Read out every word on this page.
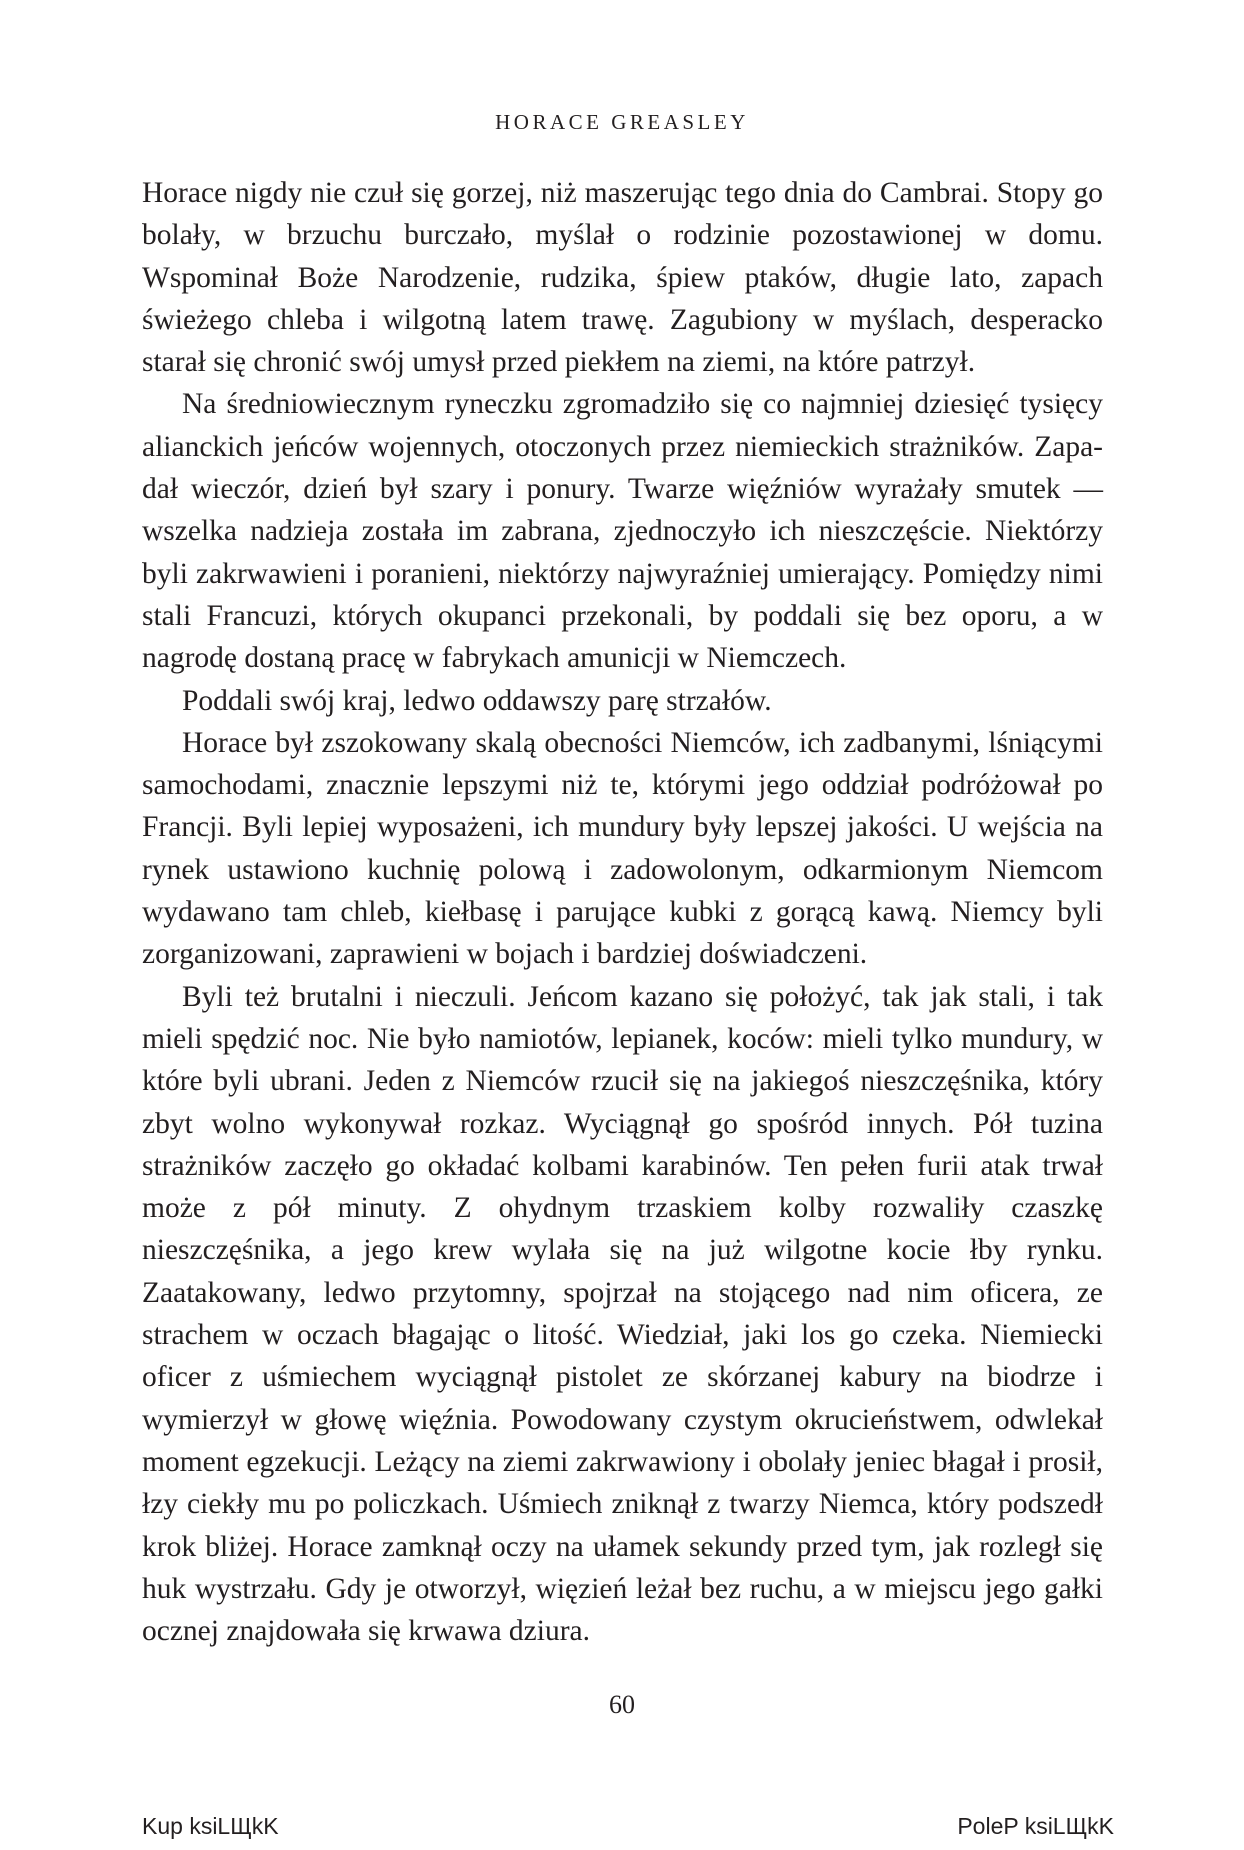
HORACE GREASLEY

Horace nigdy nie czuł się gorzej, niż maszerując tego dnia do Cambrai. Stopy go bolały, w brzuchu burczało, myślał o rodzinie pozostawionej w domu. Wspominał Boże Narodzenie, rudzika, śpiew ptaków, długie lato, zapach świeżego chleba i wilgotną latem trawę. Zagubiony w myślach, desperacko starał się chronić swój umysł przed piekłem na ziemi, na które patrzył.

Na średniowiecznym ryneczku zgromadziło się co najmniej dziesięć tysięcy alianckich jeńców wojennych, otoczonych przez niemieckich strażników. Zapadał wieczór, dzień był szary i ponury. Twarze więźniów wyrażały smutek — wszelka nadzieja została im zabrana, zjednoczyło ich nieszczęście. Niektórzy byli zakrwawieni i poranieni, niektórzy najwyraźniej umierający. Pomiędzy nimi stali Francuzi, których okupanci przekonali, by poddali się bez oporu, a w nagrodę dostaną pracę w fabrykach amunicji w Niemczech.

Poddali swój kraj, ledwo oddawszy parę strzałów.

Horace był zszokowany skalą obecności Niemców, ich zadbanymi, lśniącymi samochodami, znacznie lepszymi niż te, którymi jego oddział podróżował po Francji. Byli lepiej wyposażeni, ich mundury były lepszej jakości. U wejścia na rynek ustawiono kuchnię polową i zadowolonym, odkarmionym Niemcom wydawano tam chleb, kiełbasę i parujące kubki z gorącą kawą. Niemcy byli zorganizowani, zaprawieni w bojach i bardziej doświadczeni.

Byli też brutalni i nieczuli. Jeńcom kazano się położyć, tak jak stali, i tak mieli spędzić noc. Nie było namiotów, lepianek, koców: mieli tylko mundury, w które byli ubrani. Jeden z Niemców rzucił się na jakiegoś nieszczęśnika, który zbyt wolno wykonywał rozkaz. Wyciągnął go spośród innych. Pół tuzina strażników zaczęło go okładać kolbami karabinów. Ten pełen furii atak trwał może z pół minuty. Z ohydnym trzaskiem kolby rozwaliły czaszkę nieszczęśnika, a jego krew wylała się na już wilgotne kocie łby rynku. Zaatakowany, ledwo przytomny, spojrzał na stojącego nad nim oficera, ze strachem w oczach błagając o litość. Wiedział, jaki los go czeka. Niemiecki oficer z uśmiechem wyciągnął pistolet ze skórzanej kabury na biodrze i wymierzył w głowę więźnia. Powodowany czystym okrucieństwem, odwlekał moment egzekucji. Leżący na ziemi zakrwawiony i obolały jeniec błagał i prosił, łzy ciekły mu po policzkach. Uśmiech zniknął z twarzy Niemca, który podszedł krok bliżej. Horace zamknął oczy na ułamek sekundy przed tym, jak rozległ się huk wystrzału. Gdy je otworzył, więzień leżał bez ruchu, a w miejscu jego gałki ocznej znajdowała się krwawa dziura.

60
Kup ksiLЩkK	PoleP ksiLЩkK
